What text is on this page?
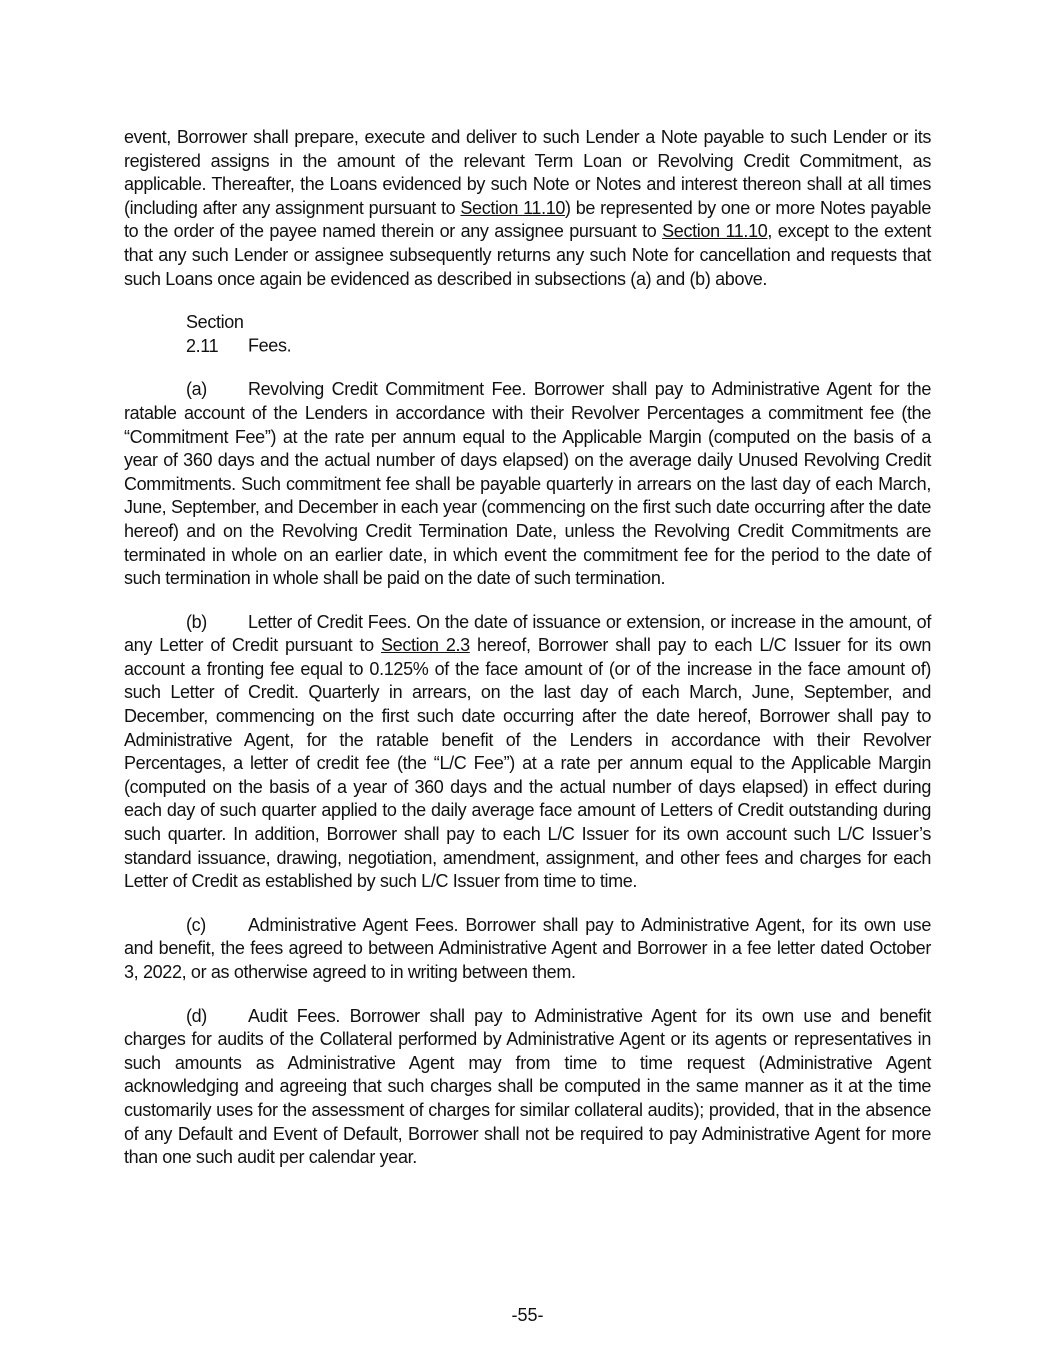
event, Borrower shall prepare, execute and deliver to such Lender a Note payable to such Lender or its registered assigns in the amount of the relevant Term Loan or Revolving Credit Commitment, as applicable. Thereafter, the Loans evidenced by such Note or Notes and interest thereon shall at all times (including after any assignment pursuant to Section 11.10) be represented by one or more Notes payable to the order of the payee named therein or any assignee pursuant to Section 11.10, except to the extent that any such Lender or assignee subsequently returns any such Note for cancellation and requests that such Loans once again be evidenced as described in subsections (a) and (b) above.

Section 2.11 Fees.

(a) Revolving Credit Commitment Fee. Borrower shall pay to Administrative Agent for the ratable account of the Lenders in accordance with their Revolver Percentages a commitment fee (the “Commitment Fee”) at the rate per annum equal to the Applicable Margin (computed on the basis of a year of 360 days and the actual number of days elapsed) on the average daily Unused Revolving Credit Commitments. Such commitment fee shall be payable quarterly in arrears on the last day of each March, June, September, and December in each year (commencing on the first such date occurring after the date hereof) and on the Revolving Credit Termination Date, unless the Revolving Credit Commitments are terminated in whole on an earlier date, in which event the commitment fee for the period to the date of such termination in whole shall be paid on the date of such termination.

(b) Letter of Credit Fees. On the date of issuance or extension, or increase in the amount, of any Letter of Credit pursuant to Section 2.3 hereof, Borrower shall pay to each L/C Issuer for its own account a fronting fee equal to 0.125% of the face amount of (or of the increase in the face amount of) such Letter of Credit. Quarterly in arrears, on the last day of each March, June, September, and December, commencing on the first such date occurring after the date hereof, Borrower shall pay to Administrative Agent, for the ratable benefit of the Lenders in accordance with their Revolver Percentages, a letter of credit fee (the “L/C Fee”) at a rate per annum equal to the Applicable Margin (computed on the basis of a year of 360 days and the actual number of days elapsed) in effect during each day of such quarter applied to the daily average face amount of Letters of Credit outstanding during such quarter. In addition, Borrower shall pay to each L/C Issuer for its own account such L/C Issuer’s standard issuance, drawing, negotiation, amendment, assignment, and other fees and charges for each Letter of Credit as established by such L/C Issuer from time to time.

(c) Administrative Agent Fees. Borrower shall pay to Administrative Agent, for its own use and benefit, the fees agreed to between Administrative Agent and Borrower in a fee letter dated October 3, 2022, or as otherwise agreed to in writing between them.

(d) Audit Fees. Borrower shall pay to Administrative Agent for its own use and benefit charges for audits of the Collateral performed by Administrative Agent or its agents or representatives in such amounts as Administrative Agent may from time to time request (Administrative Agent acknowledging and agreeing that such charges shall be computed in the same manner as it at the time customarily uses for the assessment of charges for similar collateral audits); provided, that in the absence of any Default and Event of Default, Borrower shall not be required to pay Administrative Agent for more than one such audit per calendar year.

-55-
